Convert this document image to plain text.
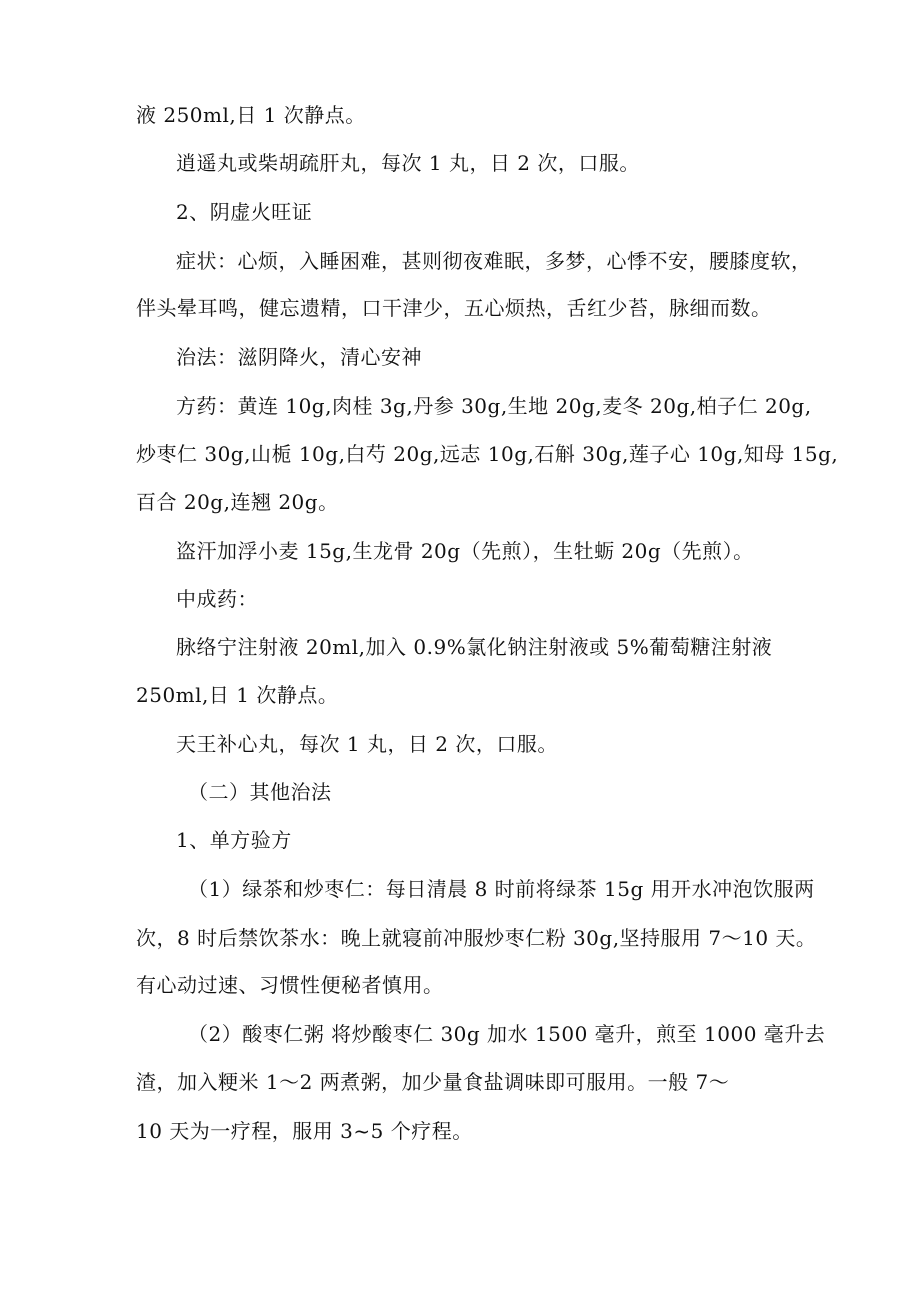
液 250ml,日 1 次静点。
逍遥丸或柴胡疏肝丸，每次 1 丸，日 2 次，口服。
2、阴虚火旺证
症状：心烦，入睡困难，甚则彻夜难眠，多梦，心悸不安，腰膝度软，
伴头晕耳鸣，健忘遗精，口干津少，五心烦热，舌红少苔，脉细而数。
治法：滋阴降火，清心安神
方药：黄连 10g,肉桂 3g,丹参 30g,生地 20g,麦冬 20g,柏子仁 20g,
炒枣仁 30g,山栀 10g,白芍 20g,远志 10g,石斛 30g,莲子心 10g,知母 15g,
百合 20g,连翘 20g。
盗汗加浮小麦 15g,生龙骨 20g（先煎），生牡蛎 20g（先煎）。
中成药：
脉络宁注射液 20ml,加入 0.9%氯化钠注射液或 5%葡萄糖注射液
250ml,日 1 次静点。
天王补心丸，每次 1 丸，日 2 次，口服。
（二）其他治法
1、单方验方
（1）绿茶和炒枣仁：每日清晨 8 时前将绿茶 15g 用开水冲泡饮服两
次，8 时后禁饮茶水：晚上就寝前冲服炒枣仁粉 30g,坚持服用 7～10 天。
有心动过速、习惯性便秘者慎用。
（2）酸枣仁粥 将炒酸枣仁 30g 加水 1500 毫升，煎至 1000 毫升去
渣，加入粳米 1～2 两煮粥，加少量食盐调味即可服用。一般 7～
10 天为一疗程，服用 3~5 个疗程。
